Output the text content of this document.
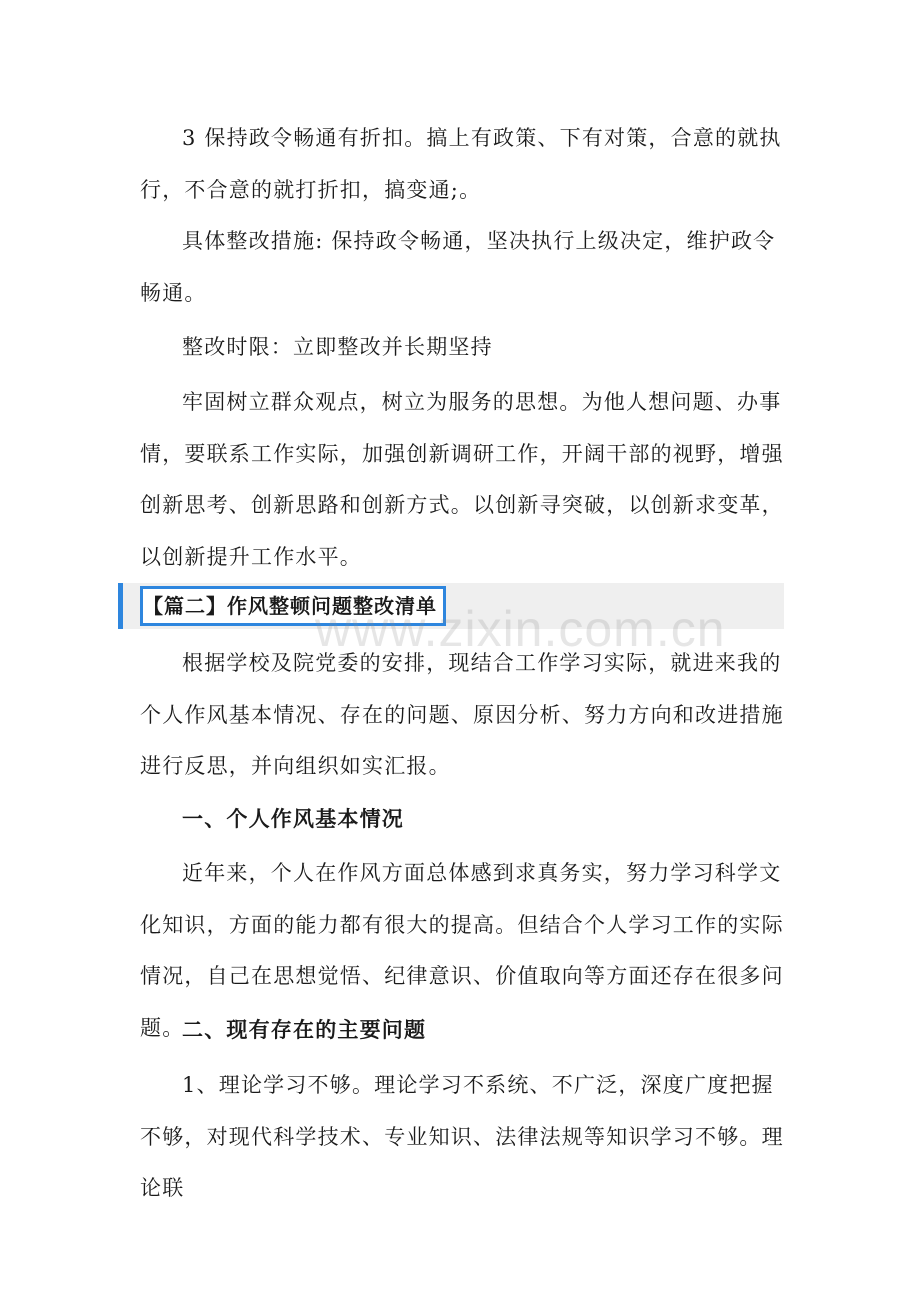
3 保持政令畅通有折扣。搞上有政策、下有对策，合意的就执行，不合意的就打折扣，搞变通;。

具体整改措施: 保持政令畅通，坚决执行上级决定，维护政令畅通。

整改时限：立即整改并长期坚持

牢固树立群众观点，树立为服务的思想。为他人想问题、办事情，要联系工作实际，加强创新调研工作，开阔干部的视野，增强创新思考、创新思路和创新方式。以创新寻突破，以创新求变革，以创新提升工作水平。

【篇二】作风整顿问题整改清单
www.zixin.com.cn

根据学校及院党委的安排，现结合工作学习实际，就进来我的个人作风基本情况、存在的问题、原因分析、努力方向和改进措施进行反思，并向组织如实汇报。

一、个人作风基本情况

近年来，个人在作风方面总体感到求真务实，努力学习科学文化知识，方面的能力都有很大的提高。但结合个人学习工作的实际情况，自己在思想觉悟、纪律意识、价值取向等方面还存在很多问题。

二、现有存在的主要问题

1、理论学习不够。理论学习不系统、不广泛，深度广度把握不够，对现代科学技术、专业知识、法律法规等知识学习不够。理论联
